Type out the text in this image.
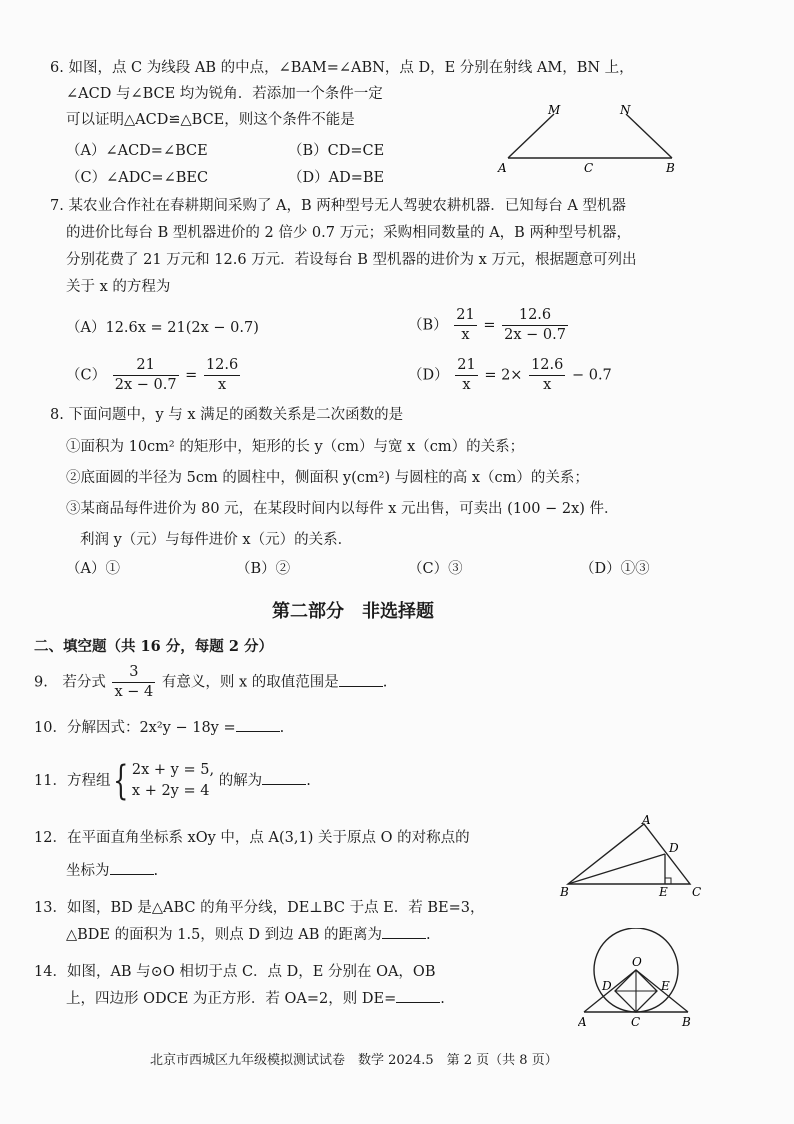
6. 如图，点 C 为线段 AB 的中点，∠BAM=∠ABN，点 D，E 分别在射线 AM，BN 上，
∠ACD 与∠BCE 均为锐角．若添加一个条件一定
可以证明△ACD≌△BCE，则这个条件不能是
（A）∠ACD=∠BCE	（B）CD=CE
（C）∠ADC=∠BEC	（D）AD=BE
M	N
A	C	B
7. 某农业合作社在春耕期间采购了 A，B 两种型号无人驾驶农耕机器．已知每台 A 型机器
的进价比每台 B 型机器进价的 2 倍少 0.7 万元；采购相同数量的 A，B 两种型号机器，
分别花费了 21 万元和 12.6 万元．若设每台 B 型机器的进价为 x 万元，根据题意可列出
关于 x 的方程为
（A）12.6x = 21(2x − 0.7)	$(B) \frac{21}{x} = \frac{12.6}{2x - 0.7}$
$(C) \frac{21}{2x - 0.7} = \frac{12.6}{x}$	$(D) \frac{21}{x} = 2\times \frac{12.6}{x} - 0.7$
8. 下面问题中，y 与 x 满足的函数关系是二次函数的是
①面积为 10cm² 的矩形中，矩形的长 y（cm）与宽 x（cm）的关系；
②底面圆的半径为 5cm 的圆柱中，侧面积 y(cm²) 与圆柱的高 x（cm）的关系；
③某商品每件进价为 80 元，在某段时间内以每件 x 元出售，可卖出 (100 − 2x) 件．
利润 y（元）与每件进价 x（元）的关系．
（A）①	（B）②	（C）③	（D）①③
第二部分　非选择题
二、填空题（共 16 分，每题 2 分）
9.　若分式 $\frac{3}{x - 4}$ 有意义，则 x 的取值范围是	.
10．分解因式：2x²y − 18y =	.
11．方程组{ 2x + y = 5,
x + 2y = 4
的解为	.
12．在平面直角坐标系 xOy 中，点 A(3,1) 关于原点 O 的对称点的
坐标为	.
A
D
B	E C
13．如图，BD 是△ABC 的角平分线，DE⊥BC 于点 E．若 BE=3，
△BDE 的面积为 1.5，则点 D 到边 AB 的距离为	.
14．如图，AB 与⊙O 相切于点 C．点 D，E 分别在 OA，OB
上，四边形 ODCE 为正方形．若 OA=2，则 DE=	.
O
D	E
A	C	B
北京市西城区九年级模拟测试试卷　数学 2024.5　第 2 页（共 8 页）
